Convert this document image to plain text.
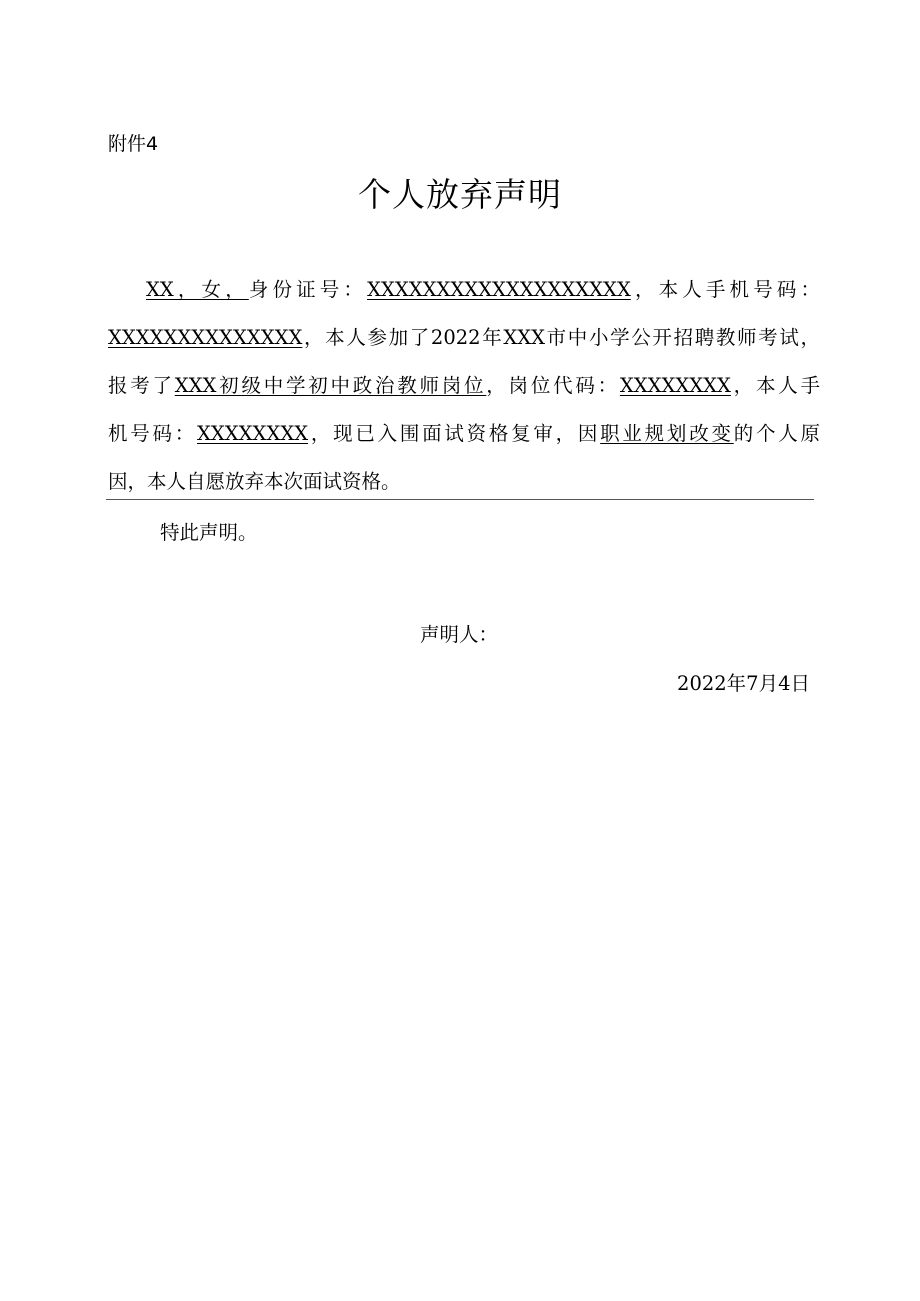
附件4
个人放弃声明
XX，女，身份证号：XXXXXXXXXXXXXXXXXXX，本人手机号码：
XXXXXXXXXXXXXX，本人参加了2022年XXX市中小学公开招聘教师考试，
报考了XXX初级中学初中政治教师岗位，岗位代码：XXXXXXXX，本人手
机号码：XXXXXXXX，现已入围面试资格复审，因职业规划改变的个人原
因，本人自愿放弃本次面试资格。
特此声明。
声明人：
2022年7月4日
